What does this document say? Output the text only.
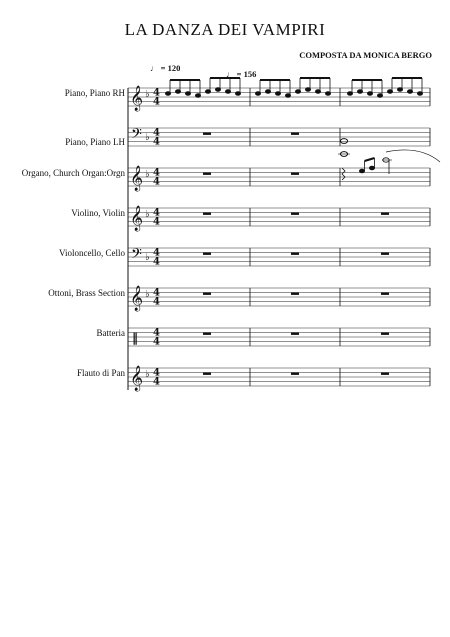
LA DANZA DEI VAMPIRI
COMPOSTA DA MONICA BERGO
♩ = 120
♩ = 156
Piano, Piano RH
Piano, Piano LH
Organo, Church Organ:Orgn
Violino, Violin
Violoncello, Cello
Ottoni, Brass Section
Batteria
Flauto di Pan
𝄞 ♭ 4
4
𝄢 ♭ 4
4
𝄞 ♭ 4
4
𝄞 ♭ 4
4
𝄢 ♭ 4
4
𝄞 ♭ 4
4
‖ 4
4
𝄞 ♭ 4
4
